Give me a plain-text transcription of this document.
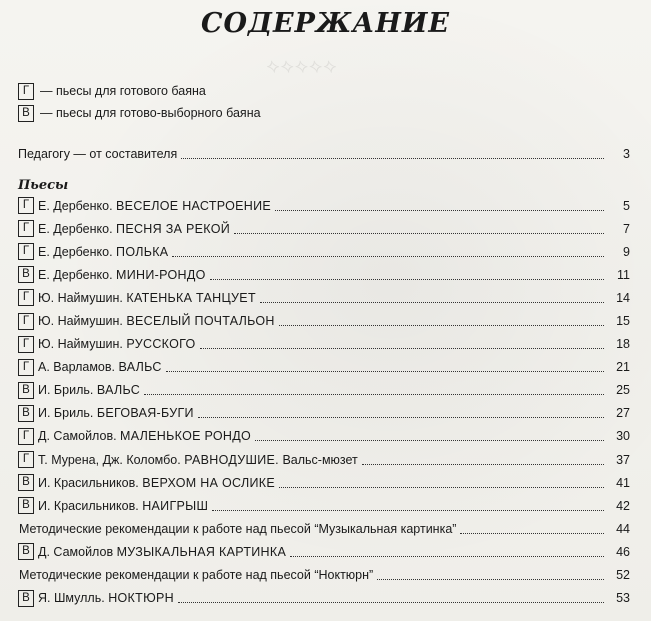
⟡⟡⟡⟡⟡
СОДЕРЖАНИЕ
Г — пьесы для готового баяна
В — пьесы для готово-выборного баяна
Педагогу — от составителя	3
Пьесы
Г Е. Дербенко. ВЕСЕЛОЕ НАСТРОЕНИЕ	5
Г Е. Дербенко. ПЕСНЯ ЗА РЕКОЙ	7
Г Е. Дербенко. ПОЛЬКА	9
В Е. Дербенко. МИНИ-РОНДО	11
Г Ю. Наймушин. КАТЕНЬКА ТАНЦУЕТ	14
Г Ю. Наймушин. ВЕСЕЛЫЙ ПОЧТАЛЬОН	15
Г Ю. Наймушин. РУССКОГО	18
Г А. Варламов. ВАЛЬС	21
В И. Бриль. ВАЛЬС	25
В И. Бриль. БЕГОВАЯ-БУГИ	27
Г Д. Самойлов. МАЛЕНЬКОЕ РОНДО	30
Г Т. Мурена, Дж. Коломбо. РАВНОДУШИЕ. Вальс-мюзет	37
В И. Красильников. ВЕРХОМ НА ОСЛИКЕ	41
В И. Красильников. НАИГРЫШ	42
Методические рекомендации к работе над пьесой “Музыкальная картинка”	44
В Д. Самойлов МУЗЫКАЛЬНАЯ КАРТИНКА	46
Методические рекомендации к работе над пьесой “Ноктюрн”	52
В Я. Шмулль. НОКТЮРН	53
